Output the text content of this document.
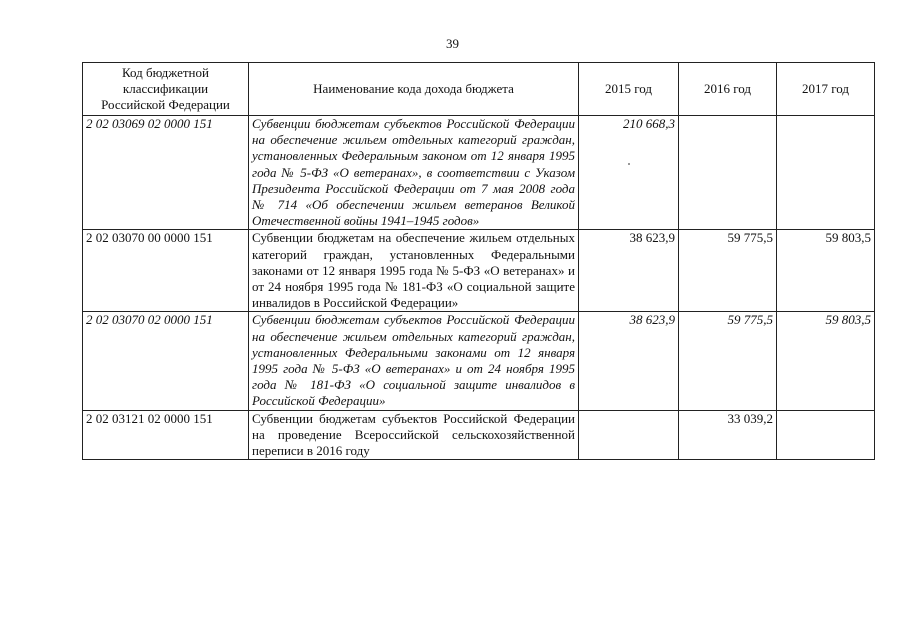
39
Код бюджетной
классификации
Российской Федерации	Наименование кода дохода бюджета	2015 год	2016 год	2017 год
2 02 03069 02 0000 151	Субвенции бюджетам субъектов Российской Федерации на обеспечение жильем отдельных категорий граждан, установленных Федеральным законом от 12 января 1995 года № 5-ФЗ «О ветеранах», в соответствии с Указом Президента Российской Федерации от 7 мая 2008 года № 714 «Об обеспечении жильем ветеранов Великой Отечественной войны 1941–1945 годов»	210 668,3		
2 02 03070 00 0000 151	Субвенции бюджетам на обеспечение жильем отдельных категорий граждан, установленных Федеральными законами от 12 января 1995 года № 5-ФЗ «О ветеранах» и от 24 ноября 1995 года № 181-ФЗ «О социальной защите инвалидов в Российской Федерации»	38 623,9	59 775,5	59 803,5
2 02 03070 02 0000 151	Субвенции бюджетам субъектов Российской Федерации на обеспечение жильем отдельных категорий граждан, установленных Федеральными законами от 12 января 1995 года № 5-ФЗ «О ветеранах» и от 24 ноября 1995 года № 181-ФЗ «О социальной защите инвалидов в Российской Федерации»	38 623,9	59 775,5	59 803,5
2 02 03121 02 0000 151	Субвенции бюджетам субъектов Российской Федерации на проведение Всероссийской сельскохозяйственной переписи в 2016 году		33 039,2	
